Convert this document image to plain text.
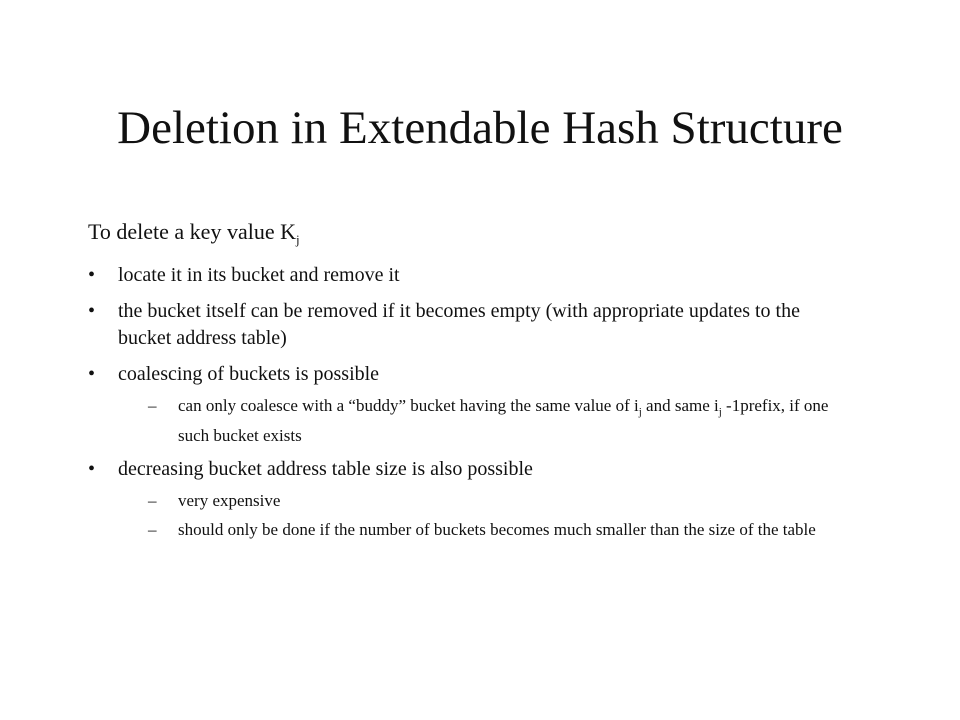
Deletion in Extendable Hash Structure

To delete a key value $K_j$

• locate it in its bucket and remove it
• the bucket itself can be removed if it becomes empty (with appropriate updates to the bucket address table)
• coalescing of buckets is possible
– can only coalesce with a “buddy” bucket having the same value of $i_j$ and same $i_j$ -1prefix, if one such bucket exists
• decreasing bucket address table size is also possible
– very expensive
– should only be done if the number of buckets becomes much smaller than the size of the table
